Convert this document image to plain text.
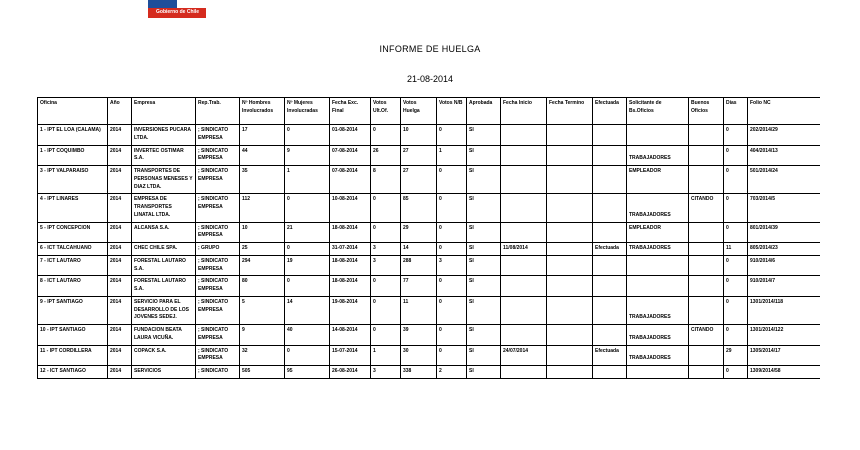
Gobierno de Chile
INFORME DE HUELGA
21-08-2014
Oficina	Año	Empresa	Rep.Trab.	Nº Hombres Involucrados	Nº Mujeres Involucradas	Fecha Exc. Final	Votos Ult.Of.	Votos Huelga	Votos N/B	Aprobada	Fecha Inicio	Fecha Termino	Efectuada	Solicitante de Bs.Oficios	Buenos Oficios	Días	Folio NC
1 - IPT EL LOA (CALAMA)	2014	INVERSIONES PUCARA LTDA.	; SINDICATO EMPRESA	17	0	01-08-2014	0	10	0	SI						0	202/2014/29
1 - IPT COQUIMBO	2014	INVERTEC OSTIMAR S.A.	; SINDICATO EMPRESA	44	9	07-08-2014	26	27	1	SI				TRABAJADORES		0	404/2014/13
3 - IPT VALPARAISO	2014	TRANSPORTES DE PERSONAS MENESES Y DIAZ LTDA.	; SINDICATO EMPRESA	35	1	07-08-2014	8	27	0	SI				EMPLEADOR		0	501/2014/24
4 - IPT LINARES	2014	EMPRESA DE TRANSPORTES LINATAL LTDA.	; SINDICATO EMPRESA	112	0	10-08-2014	0	85	0	SI				TRABAJADORES	CITANDO	0	703/2014/5
5 - IPT CONCEPCION	2014	ALCANSA S.A.	; SINDICATO EMPRESA	10	21	18-08-2014	0	29	0	SI				EMPLEADOR		0	801/2014/39
6 - ICT TALCAHUANO	2014	CHEC CHILE SPA.	; GRUPO	25	0	31-07-2014	3	14	0	SI	11/08/2014		Efectuada	TRABAJADORES		11	805/2014/23
7 - ICT LAUTARO	2014	FORESTAL LAUTARO S.A.	; SINDICATO EMPRESA	294	19	18-08-2014	3	288	3	SI						0	910/2014/6
8 - ICT LAUTARO	2014	FORESTAL LAUTARO S.A.	; SINDICATO EMPRESA	80	0	18-08-2014	0	77	0	SI						0	910/2014/7
9 - IPT SANTIAGO	2014	SERVICIO PARA EL DESARROLLO DE LOS JOVENES SEDEJ.	; SINDICATO EMPRESA	5	14	19-08-2014	0	11	0	SI				TRABAJADORES		0	1301/2014/118
10 - IPT SANTIAGO	2014	FUNDACION BEATA LAURA VICUÑA.	; SINDICATO EMPRESA	9	40	14-08-2014	0	39	0	SI				TRABAJADORES	CITANDO	0	1301/2014/122
11 - IPT CORDILLERA	2014	COPACK S.A.	; SINDICATO EMPRESA	32	0	15-07-2014	1	30	0	SI	24/07/2014		Efectuada	TRABAJADORES		29	1305/2014/17
12 - ICT SANTIAGO	2014	SERVICIOS	; SINDICATO	505	95	26-08-2014	3	338	2	SI						0	1309/2014/58
